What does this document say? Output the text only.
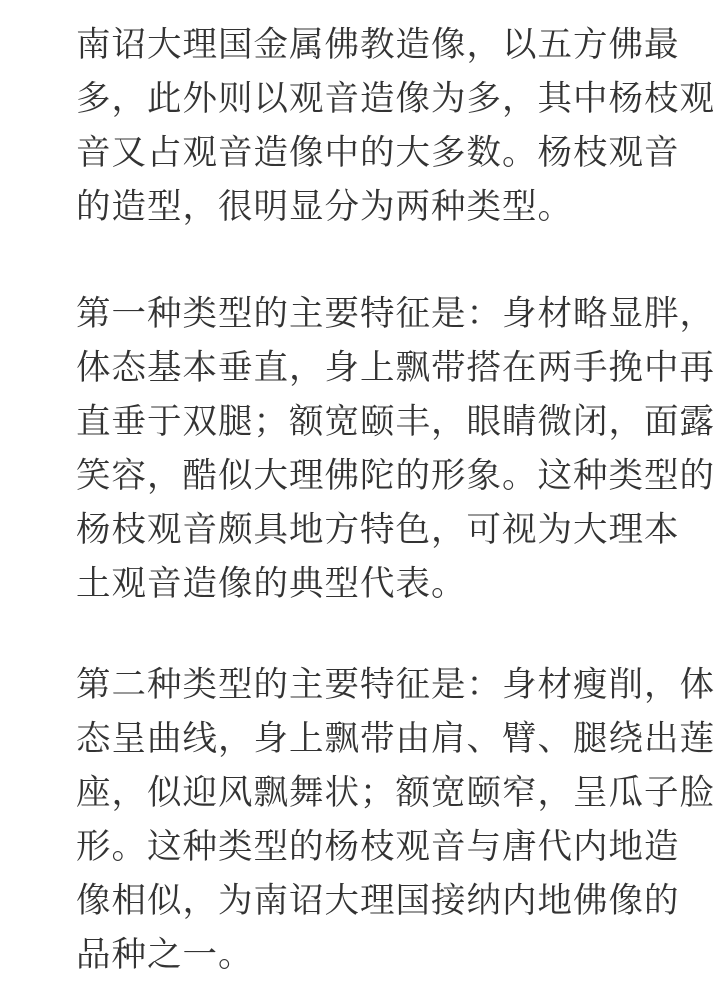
南诏大理国金属佛教造像，以五方佛最
多，此外则以观音造像为多，其中杨枝观
音又占观音造像中的大多数。杨枝观音
的造型，很明显分为两种类型。
第一种类型的主要特征是：身材略显胖，
体态基本垂直，身上飘带搭在两手挽中再
直垂于双腿；额宽颐丰，眼睛微闭，面露
笑容，酷似大理佛陀的形象。这种类型的
杨枝观音颇具地方特色，可视为大理本
土观音造像的典型代表。
第二种类型的主要特征是：身材瘦削，体
态呈曲线，身上飘带由肩、臂、腿绕出莲
座，似迎风飘舞状；额宽颐窄，呈瓜子脸
形。这种类型的杨枝观音与唐代内地造
像相似，为南诏大理国接纳内地佛像的
品种之一。
